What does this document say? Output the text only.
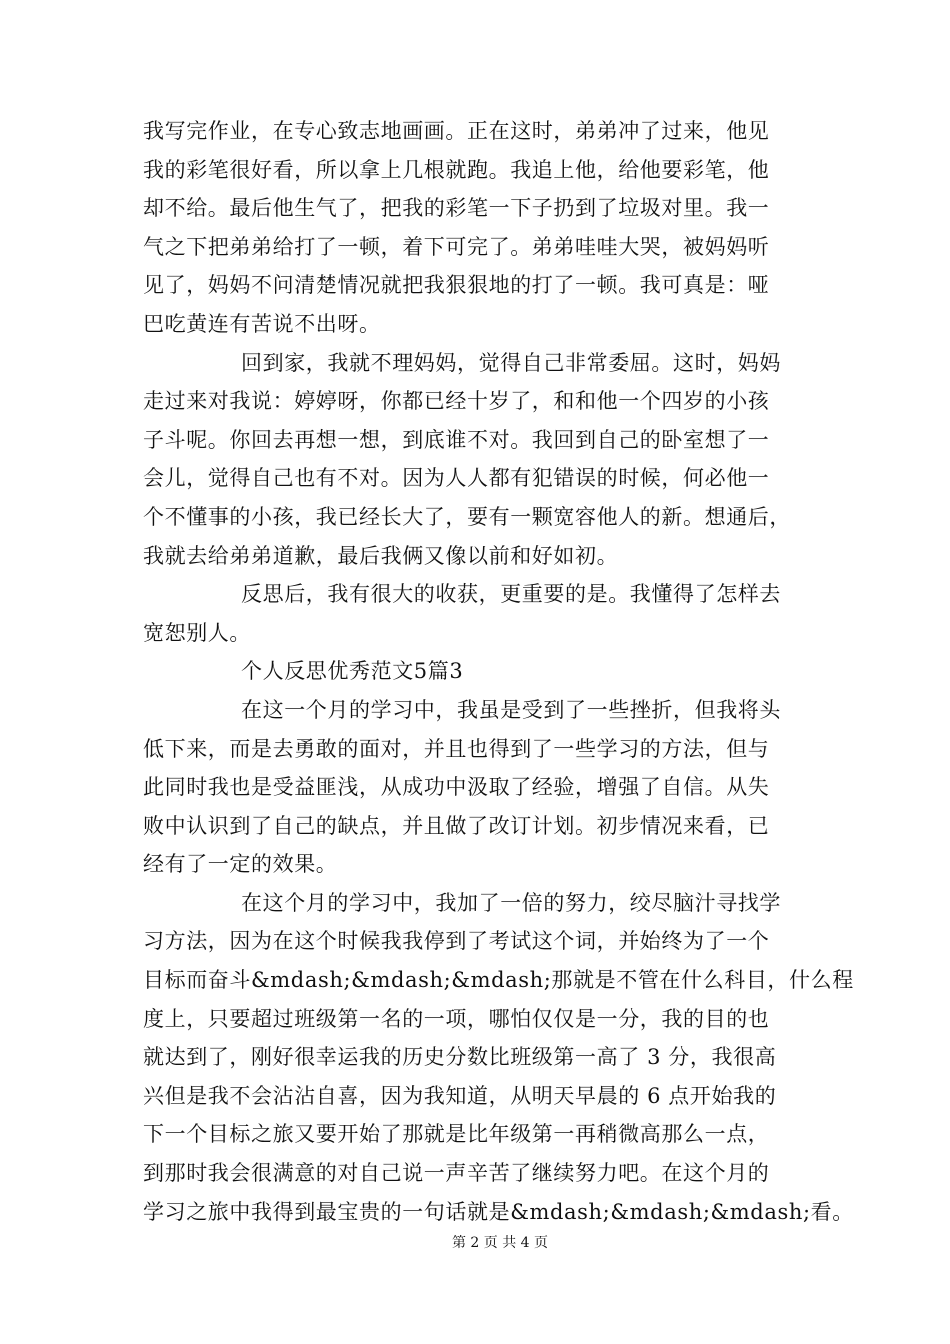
我写完作业，在专心致志地画画。正在这时，弟弟冲了过来，他见
我的彩笔很好看，所以拿上几根就跑。我追上他，给他要彩笔，他
却不给。最后他生气了，把我的彩笔一下子扔到了垃圾对里。我一
气之下把弟弟给打了一顿，着下可完了。弟弟哇哇大哭，被妈妈听
见了，妈妈不问清楚情况就把我狠狠地的打了一顿。我可真是：哑
巴吃黄连有苦说不出呀。
回到家，我就不理妈妈，觉得自己非常委屈。这时，妈妈
走过来对我说：婷婷呀，你都已经十岁了，和和他一个四岁的小孩
子斗呢。你回去再想一想，到底谁不对。我回到自己的卧室想了一
会儿，觉得自己也有不对。因为人人都有犯错误的时候，何必他一
个不懂事的小孩，我已经长大了，要有一颗宽容他人的新。想通后，
我就去给弟弟道歉，最后我俩又像以前和好如初。
反思后，我有很大的收获，更重要的是。我懂得了怎样去
宽恕别人。
个人反思优秀范文5篇3
在这一个月的学习中，我虽是受到了一些挫折，但我将头
低下来，而是去勇敢的面对，并且也得到了一些学习的方法，但与
此同时我也是受益匪浅，从成功中汲取了经验，增强了自信。从失
败中认识到了自己的缺点，并且做了改订计划。初步情况来看，已
经有了一定的效果。
在这个月的学习中，我加了一倍的努力，绞尽脑汁寻找学
习方法，因为在这个时候我我停到了考试这个词，并始终为了一个
目标而奋斗&mdash;&mdash;&mdash;那就是不管在什么科目，什么程
度上，只要超过班级第一名的一项，哪怕仅仅是一分，我的目的也
就达到了，刚好很幸运我的历史分数比班级第一高了 3 分，我很高
兴但是我不会沾沾自喜，因为我知道，从明天早晨的 6 点开始我的
下一个目标之旅又要开始了那就是比年级第一再稍微高那么一点，
到那时我会很满意的对自己说一声辛苦了继续努力吧。在这个月的
学习之旅中我得到最宝贵的一句话就是&mdash;&mdash;&mdash;看。
第 2 页 共 4 页
